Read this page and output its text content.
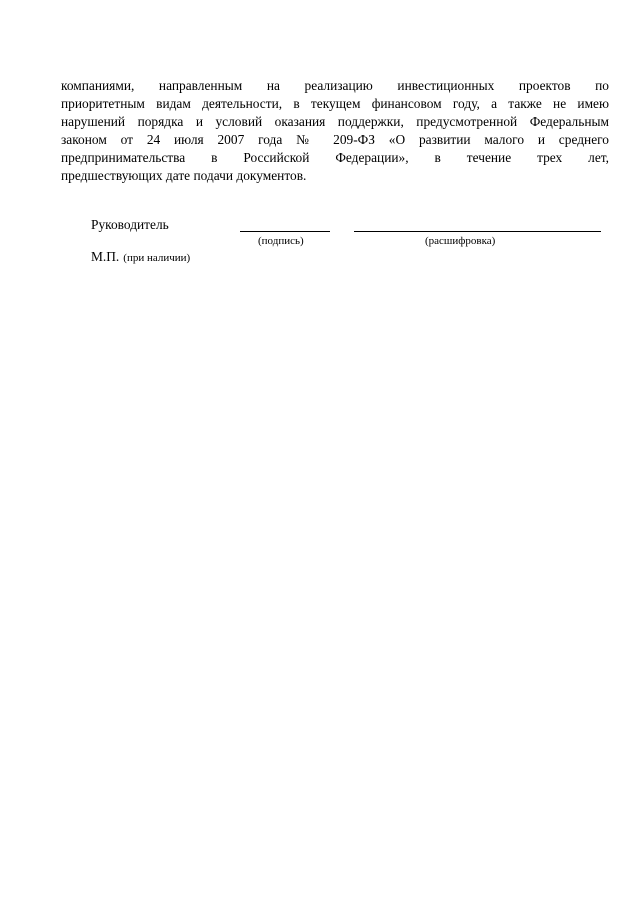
компаниями, направленным на реализацию инвестиционных проектов по
приоритетным видам деятельности, в текущем финансовом году, а также не имею
нарушений порядка и условий оказания поддержки, предусмотренной Федеральным
законом от 24 июля 2007 года № 209-ФЗ «О развитии малого и среднего
предпринимательства в Российской Федерации», в течение трех лет,
предшествующих дате подачи документов.
Руководитель
(подпись)	(расшифровка)
М.П. (при наличии)
